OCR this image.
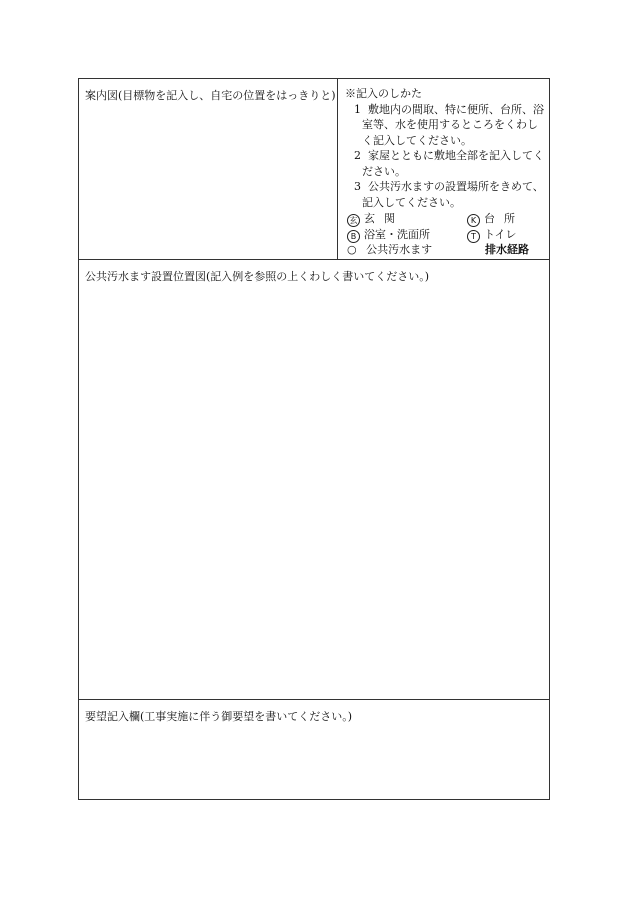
案内図(目標物を記入し、自宅の位置をはっきりと) ※記入のしかた
1 敷地内の間取、特に便所、台所、浴室等、水を使用するところをくわしく記入してください。
2 家屋とともに敷地全部を記入してください。
3 公共汚水ますの設置場所をきめて、記入してください。
玄 玄関	K 台所
B 浴室・洗面所	T トイレ
○ 公共汚水ます	排水経路
公共汚水ます設置位置図(記入例を参照の上くわしく書いてください。)
要望記入欄(工事実施に伴う御要望を書いてください。)
